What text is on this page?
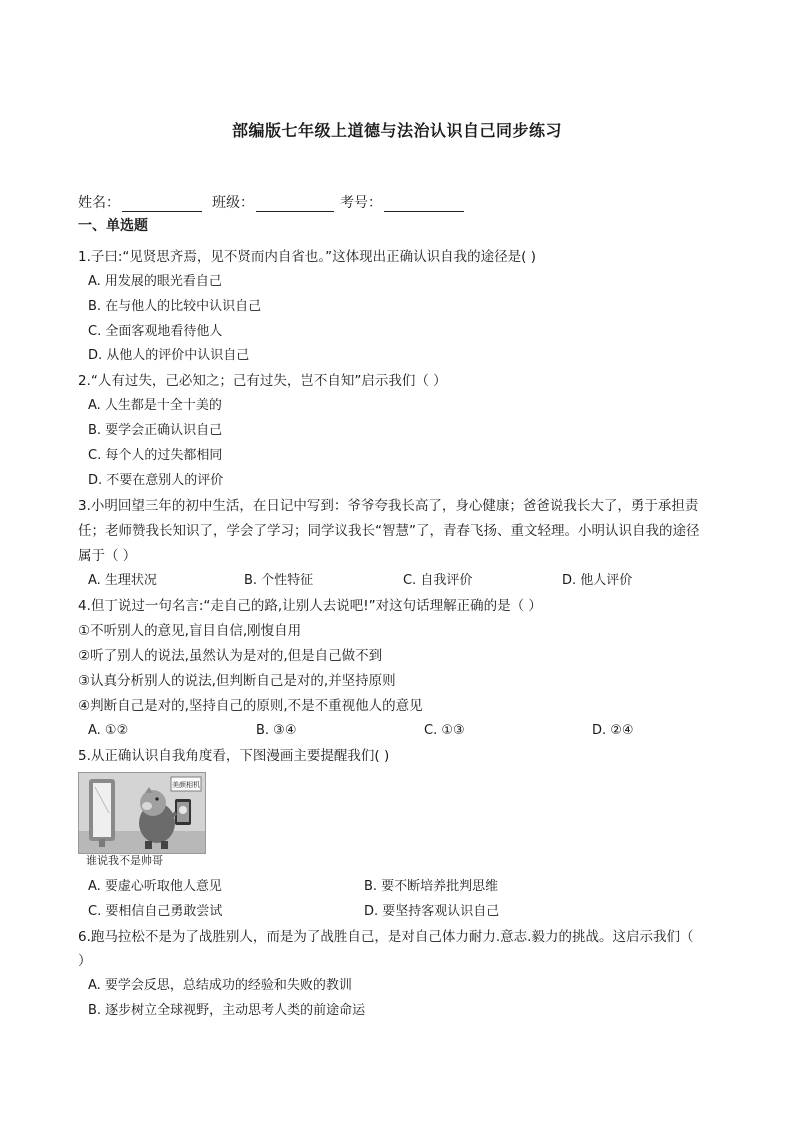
部编版七年级上道德与法治认识自己同步练习
姓名：	班级：	考号：
一、单选题
1.子曰:“见贤思齐焉，见不贤而内自省也。”这体现出正确认识自我的途径是( )
A. 用发展的眼光看自己
B. 在与他人的比较中认识自己
C. 全面客观地看待他人
D. 从他人的评价中认识自己
2.“人有过失，己必知之；己有过失，岂不自知”启示我们（ ）
A. 人生都是十全十美的
B. 要学会正确认识自己
C. 每个人的过失都相同
D. 不要在意别人的评价
3.小明回望三年的初中生活，在日记中写到：爷爷夸我长高了，身心健康；爸爸说我长大了，勇于承担责
任；老师赞我长知识了，学会了学习；同学议我长“智慧”了，青春飞扬、重文轻理。小明认识自我的途径
属于（ ）
A. 生理状况	B. 个性特征	C. 自我评价	D. 他人评价
4.但丁说过一句名言:“走自己的路,让别人去说吧!”对这句话理解正确的是（ ）
①不听别人的意见,盲目自信,刚愎自用
②听了别人的说法,虽然认为是对的,但是自己做不到
③认真分析别人的说法,但判断自己是对的,并坚持原则
④判断自己是对的,坚持自己的原则,不是不重视他人的意见
A. ①②	B. ③④	C. ①③	D. ②④
5.从正确认识自我角度看，下图漫画主要提醒我们( )
美颜相机
谁说我不是帅哥
A. 要虚心听取他人意见	B. 要不断培养批判思维
C. 要相信自己勇敢尝试	D. 要坚持客观认识自己
6.跑马拉松不是为了战胜别人，而是为了战胜自己，是对自己体力耐力.意志.毅力的挑战。这启示我们（
）
A. 要学会反思，总结成功的经验和失败的教训
B. 逐步树立全球视野，主动思考人类的前途命运
